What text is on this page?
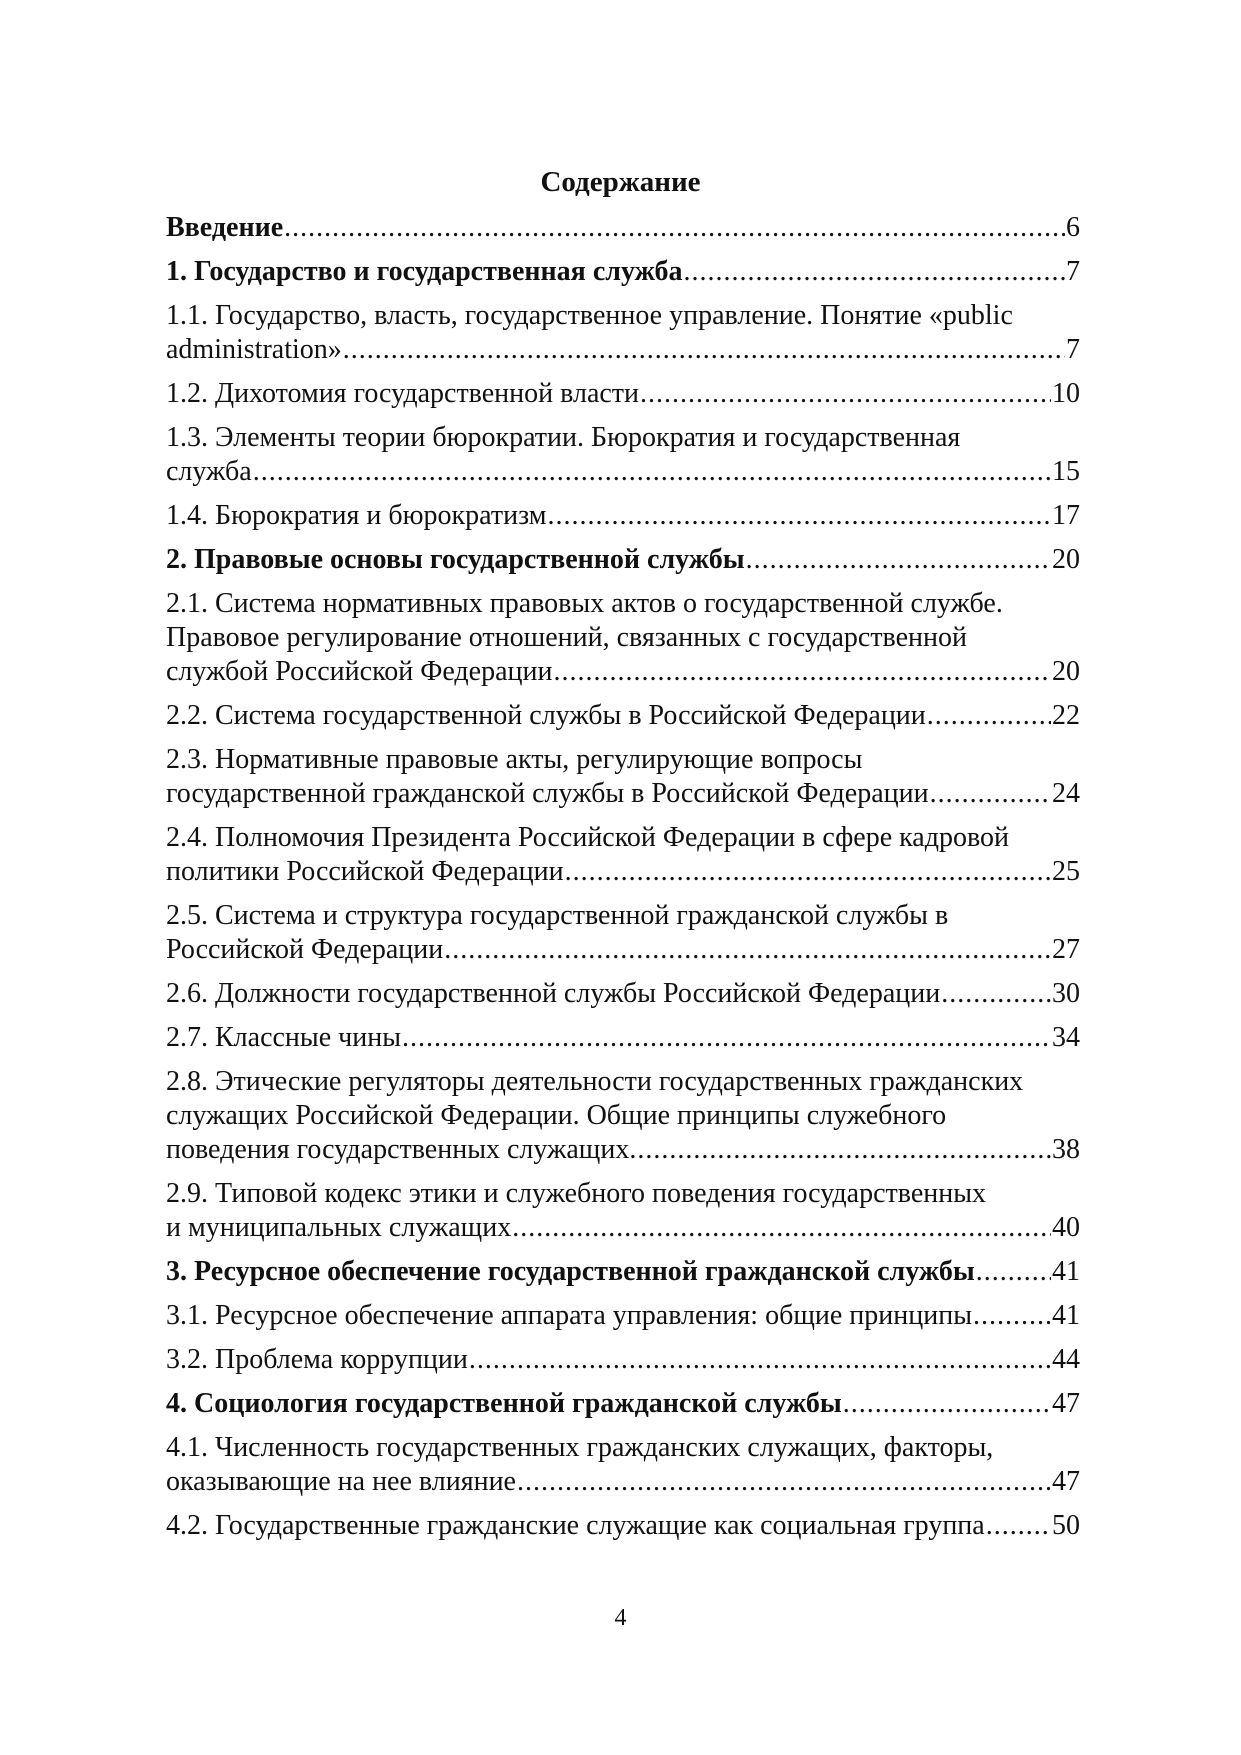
Содержание
Введение .....	6
1. Государство и государственная служба .....	7
1.1. Государство, власть, государственное управление. Понятие «public
administration» .....	7
1.2. Дихотомия государственной власти .....	10
1.3. Элементы теории бюрократии. Бюрократия и государственная
служба .....	15
1.4. Бюрократия и бюрократизм .....	17
2. Правовые основы государственной службы .....	20
2.1. Система нормативных правовых актов о государственной службе.
Правовое регулирование отношений, связанных с государственной
службой Российской Федерации .....	20
2.2. Система государственной службы в Российской Федерации .....	22
2.3. Нормативные правовые акты, регулирующие вопросы
государственной гражданской службы в Российской Федерации .....	24
2.4. Полномочия Президента Российской Федерации в сфере кадровой
политики Российской Федерации .....	25
2.5. Система и структура государственной гражданской службы в
Российской Федерации .....	27
2.6. Должности государственной службы Российской Федерации .....	30
2.7. Классные чины .....	34
2.8. Этические регуляторы деятельности государственных гражданских
служащих Российской Федерации. Общие принципы служебного
поведения государственных служащих. .....	38
2.9. Типовой кодекс этики и служебного поведения государственных
и муниципальных служащих .....	40
3. Ресурсное обеспечение государственной гражданской службы .....	41
3.1. Ресурсное обеспечение аппарата управления: общие принципы .....	41
3.2. Проблема коррупции .....	44
4. Социология государственной гражданской службы .....	47
4.1. Численность государственных гражданских служащих, факторы,
оказывающие на нее влияние .....	47
4.2. Государственные гражданские служащие как социальная группа ..... 50
4
